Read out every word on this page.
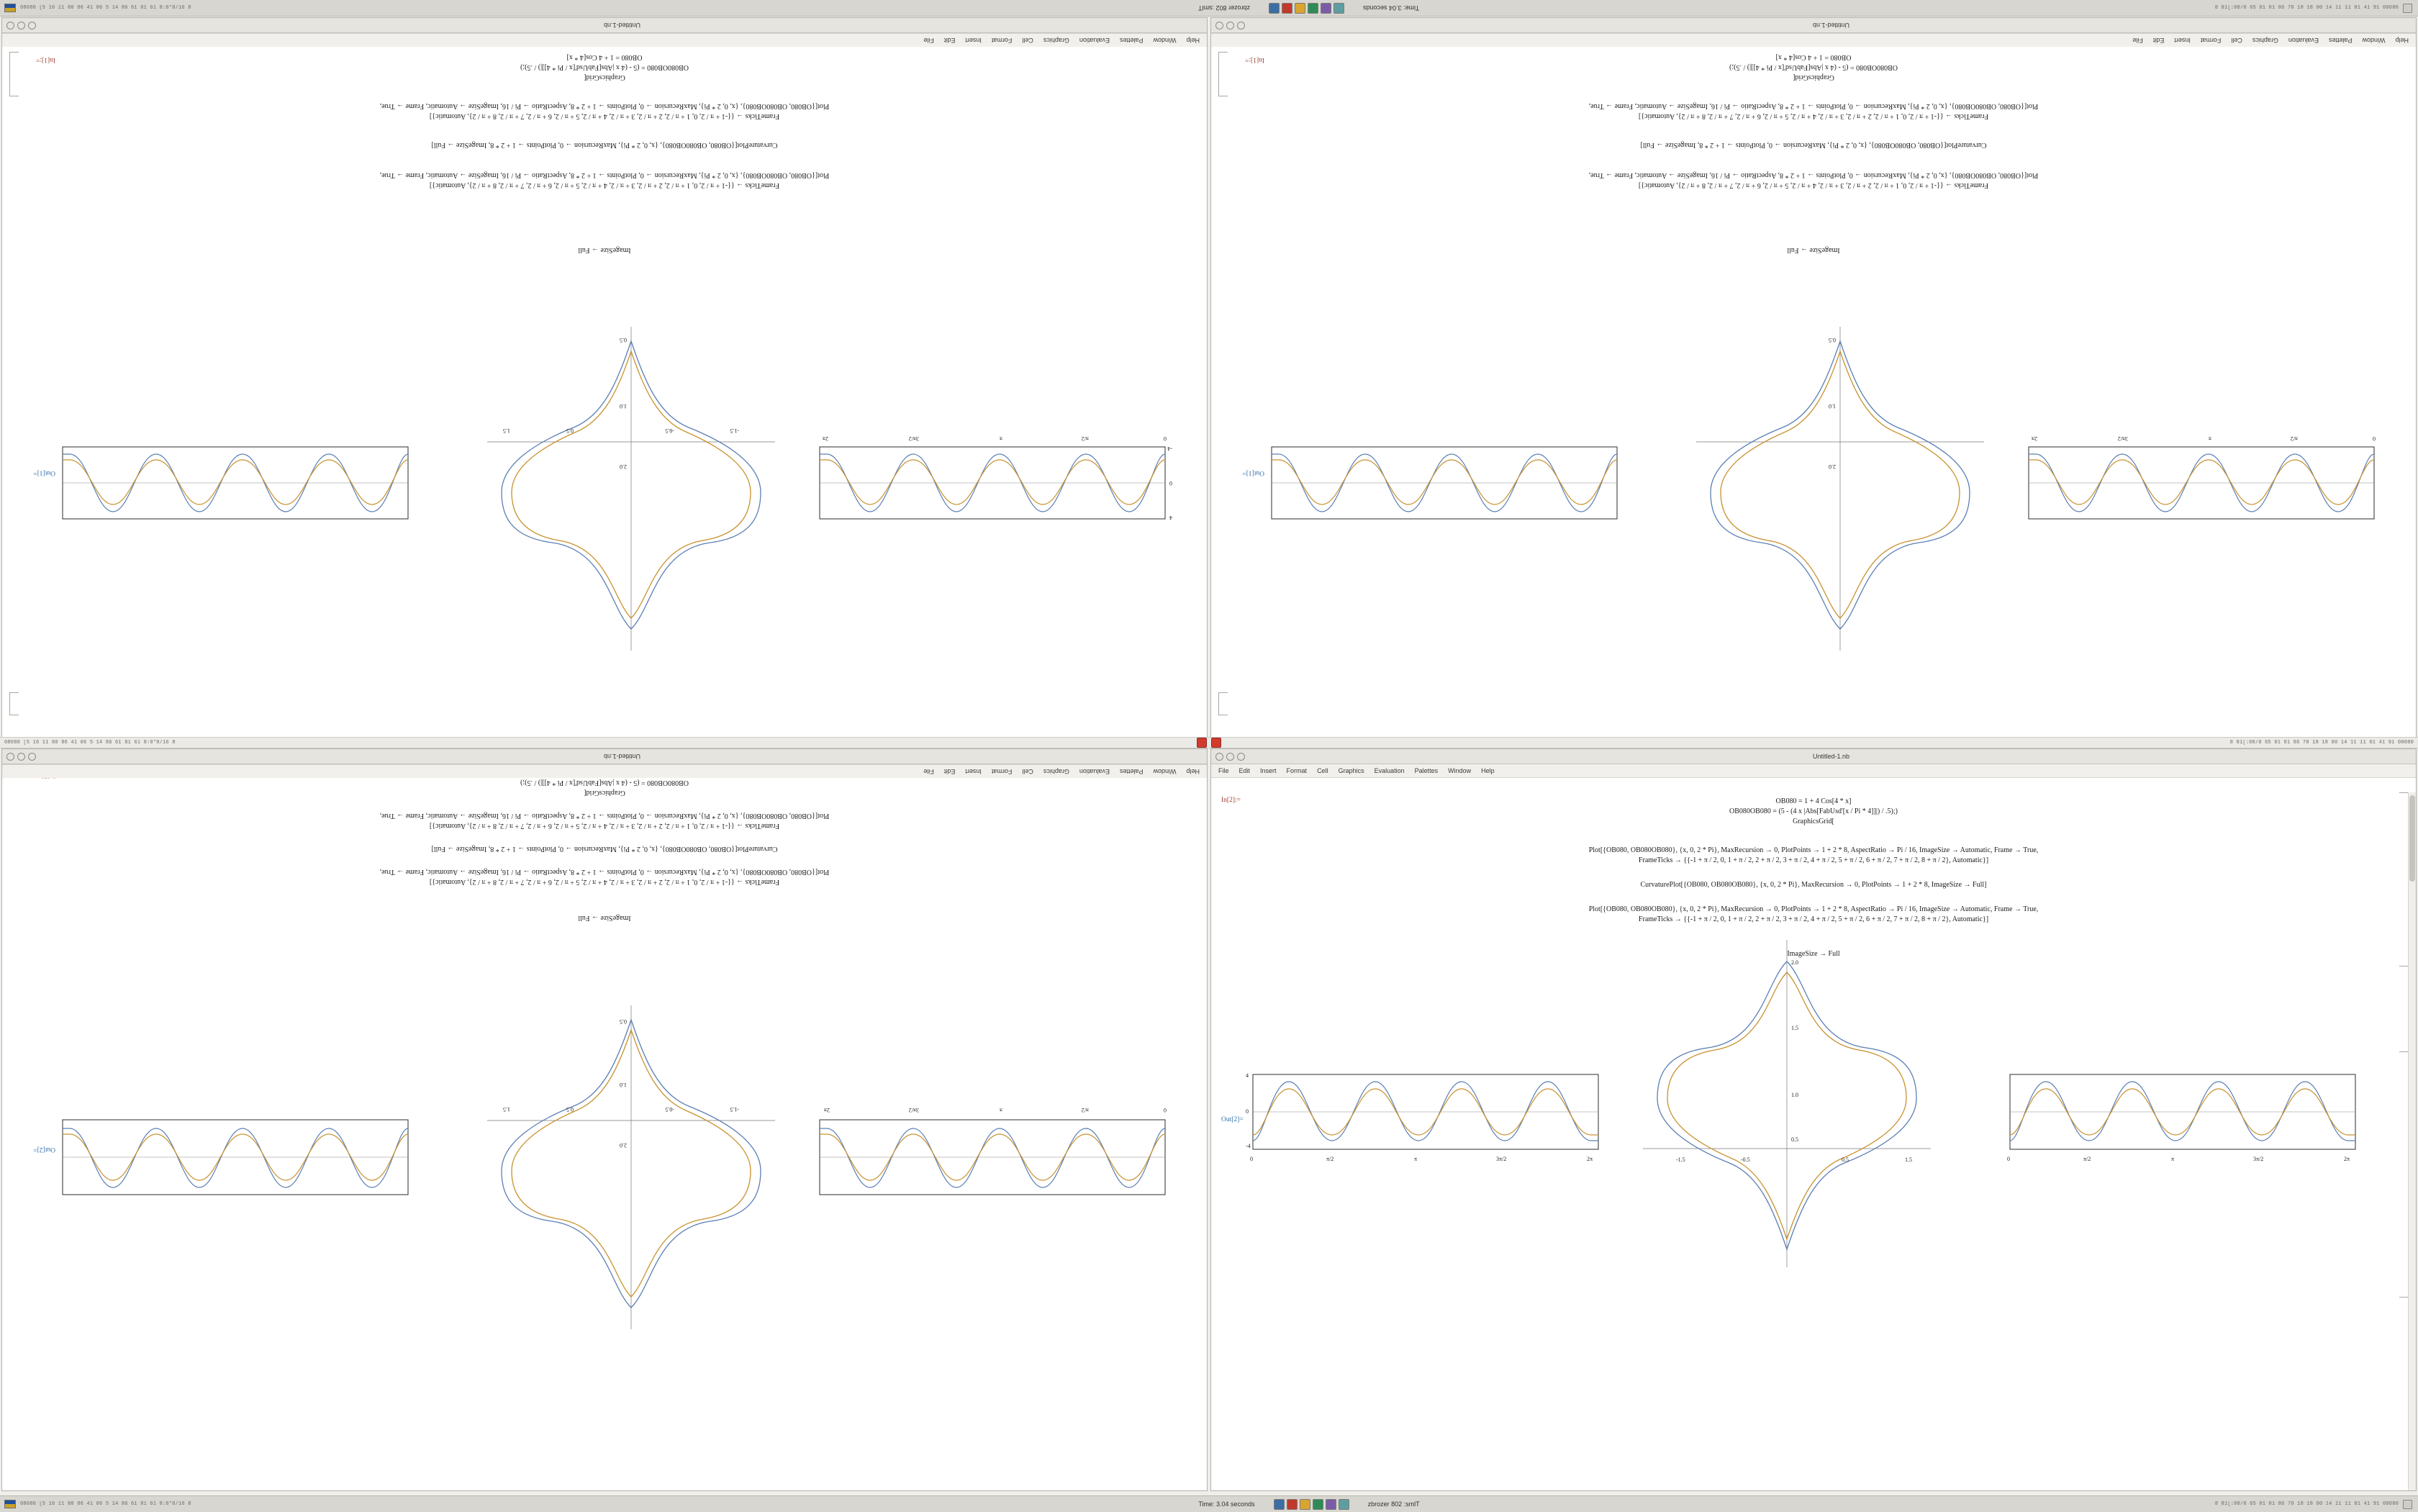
08080 [5 16 11 80 86 41 06 5 14 86 61 81 61 8:0*0/16 8	zbrozer 802 :smlT	Time: 3.04 seconds	8 81[:08/0 65 01 01 86 70 18 18 00 14 11 11 01 41 91 00080
Untitled-1.nb
Out[1]=
0
π/2
π
3π/2
2π
4
0
-4
2.0
1.0
0.5
-1.5
-0.5
0.5
1.5
ImageSize → Full
FrameTicks → {{-1 + π / 2, 0, 1 + π / 2, 2 + π / 2, 3 + π / 2, 4 + π / 2, 5 + π / 2, 6 + π / 2, 7 + π / 2, 8 + π / 2}, Automatic}]
Plot[{OB080, OB080OB080}, {x, 0, 2 * Pi}, MaxRecursion → 0, PlotPoints → 1 + 2 * 8, AspectRatio → Pi / 16, ImageSize → Automatic, Frame → True,
CurvaturePlot[{OB080, OB080OB080}, {x, 0, 2 * Pi}, MaxRecursion → 0, PlotPoints → 1 + 2 * 8, ImageSize → Full]
FrameTicks → {{-1 + π / 2, 0, 1 + π / 2, 2 + π / 2, 3 + π / 2, 4 + π / 2, 5 + π / 2, 6 + π / 2, 7 + π / 2, 8 + π / 2}, Automatic}]
Plot[{OB080, OB080OB080}, {x, 0, 2 * Pi}, MaxRecursion → 0, PlotPoints → 1 + 2 * 8, AspectRatio → Pi / 16, ImageSize → Automatic, Frame → True,
GraphicsGrid[
OB080OB080 = (5 - (4 x |Abs[FabUsd'[x / Pi * 4]]|) / .5);)
OB080 = 1 + 4 Cos[4 * x]
In[1]:=
Help
Window
Palettes
Evaluation
Graphics
Cell
Format
Insert
Edit
File
Untitled-1.nb
Out[1]=
0
π/2
π
3π/2
2π
2.0
1.0
0.5
ImageSize → Full
FrameTicks → {{-1 + π / 2, 0, 1 + π / 2, 2 + π / 2, 3 + π / 2, 4 + π / 2, 5 + π / 2, 6 + π / 2, 7 + π / 2, 8 + π / 2}, Automatic}]
Plot[{OB080, OB080OB080}, {x, 0, 2 * Pi}, MaxRecursion → 0, PlotPoints → 1 + 2 * 8, AspectRatio → Pi / 16, ImageSize → Automatic, Frame → True,
CurvaturePlot[{OB080, OB080OB080}, {x, 0, 2 * Pi}, MaxRecursion → 0, PlotPoints → 1 + 2 * 8, ImageSize → Full]
FrameTicks → {{-1 + π / 2, 0, 1 + π / 2, 2 + π / 2, 3 + π / 2, 4 + π / 2, 5 + π / 2, 6 + π / 2, 7 + π / 2, 8 + π / 2}, Automatic}]
Plot[{OB080, OB080OB080}, {x, 0, 2 * Pi}, MaxRecursion → 0, PlotPoints → 1 + 2 * 8, AspectRatio → Pi / 16, ImageSize → Automatic, Frame → True,
GraphicsGrid[
OB080OB080 = (5 - (4 x |Abs[FabUsd'[x / Pi * 4]]|) / .5);)
OB080 = 1 + 4 Cos[4 * x]
In[1]:=
Help
Window
Palettes
Evaluation
Graphics
Cell
Format
Insert
Edit
File
08080 [5 16 11 80 86 41 06 5 14 86 61 81 61 8:0*0/16 8	8 81[:08/0 65 01 01 86 70 18 18 00 14 11 11 01 41 91 00080
Untitled-1.nb
Out[2]=
0
π/2
π
3π/2
2π
2.0
1.0
0.5
-1.5
-0.5
0.5
1.5
ImageSize → Full
FrameTicks → {{-1 + π / 2, 0, 1 + π / 2, 2 + π / 2, 3 + π / 2, 4 + π / 2, 5 + π / 2, 6 + π / 2, 7 + π / 2, 8 + π / 2}, Automatic}]
Plot[{OB080, OB080OB080}, {x, 0, 2 * Pi}, MaxRecursion → 0, PlotPoints → 1 + 2 * 8, AspectRatio → Pi / 16, ImageSize → Automatic, Frame → True,
CurvaturePlot[{OB080, OB080OB080}, {x, 0, 2 * Pi}, MaxRecursion → 0, PlotPoints → 1 + 2 * 8, ImageSize → Full]
FrameTicks → {{-1 + π / 2, 0, 1 + π / 2, 2 + π / 2, 3 + π / 2, 4 + π / 2, 5 + π / 2, 6 + π / 2, 7 + π / 2, 8 + π / 2}, Automatic}]
Plot[{OB080, OB080OB080}, {x, 0, 2 * Pi}, MaxRecursion → 0, PlotPoints → 1 + 2 * 8, AspectRatio → Pi / 16, ImageSize → Automatic, Frame → True,
GraphicsGrid[
OB080OB080 = (5 - (4 x |Abs[FabUsd'[x / Pi * 4]]|) / .5);)
Help
Window
Palettes
Evaluation
Graphics
Cell
Format
Insert
Edit
File
Untitled-1.nb
File Edit Insert Format Cell Graphics Evaluation Palettes Window Help
In[2]:=	OB080 = 1 + 4 Cos[4 * x]
OB080OB080 = (5 - (4 x |Abs[FabUsd'[x / Pi * 4]]|) / .5);)
GraphicsGrid[
Plot[{OB080, OB080OB080}, {x, 0, 2 * Pi}, MaxRecursion → 0, PlotPoints → 1 + 2 * 8, AspectRatio → Pi / 16, ImageSize → Automatic, Frame → True,
FrameTicks → {{-1 + π / 2, 0, 1 + π / 2, 2 + π / 2, 3 + π / 2, 4 + π / 2, 5 + π / 2, 6 + π / 2, 7 + π / 2, 8 + π / 2}, Automatic}]
CurvaturePlot[{OB080, OB080OB080}, {x, 0, 2 * Pi}, MaxRecursion → 0, PlotPoints → 1 + 2 * 8, ImageSize → Full]
Plot[{OB080, OB080OB080}, {x, 0, 2 * Pi}, MaxRecursion → 0, PlotPoints → 1 + 2 * 8, AspectRatio → Pi / 16, ImageSize → Automatic, Frame → True,
FrameTicks → {{-1 + π / 2, 0, 1 + π / 2, 2 + π / 2, 3 + π / 2, 4 + π / 2, 5 + π / 2, 6 + π / 2, 7 + π / 2, 8 + π / 2}, Automatic}]
ImageSize → Full
Out[2]=
0	π/2	π	3π/2	2π
4
0
-4
2.0
1.5
1.0
0.5
-1.5	-0.5	0.5	1.5	0	π/2	π	3π/2	2π
08080 [5 16 11 80 86 41 06 5 14 86 61 81 61 8:0*0/16 8	Time: 3.04 seconds	zbrozer 802 :smlT	8 81[:08/0 65 01 01 86 70 18 18 00 14 11 11 01 41 91 00080
